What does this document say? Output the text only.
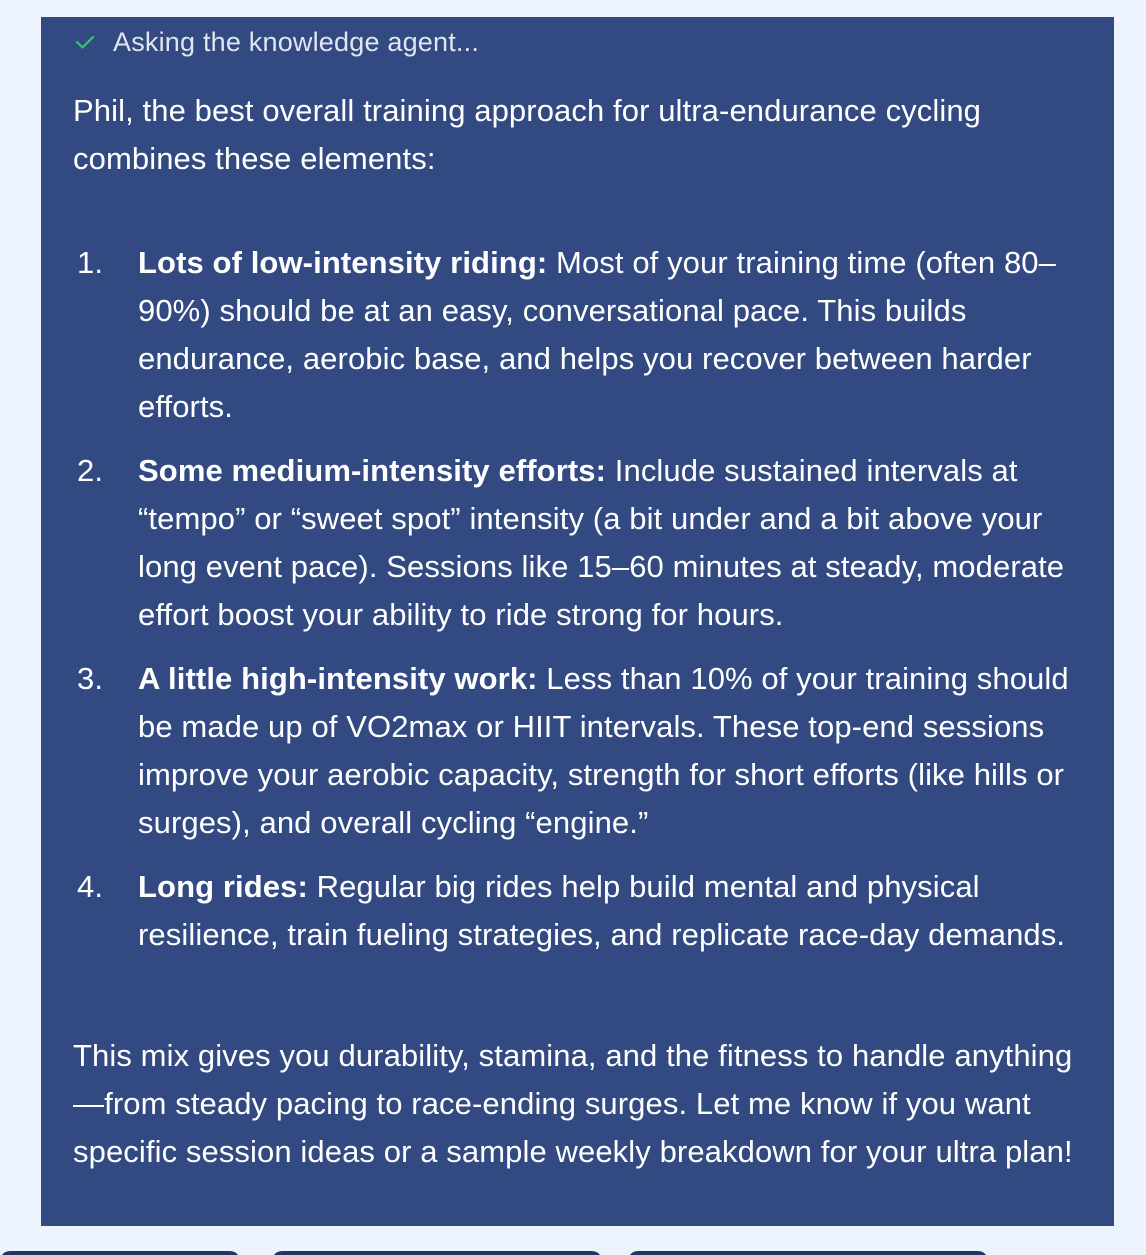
Asking the knowledge agent...
Phil, the best overall training approach for ultra-endurance cycling combines these elements:
1. Lots of low-intensity riding: Most of your training time (often 80–90%) should be at an easy, conversational pace. This builds endurance, aerobic base, and helps you recover between harder efforts.
2. Some medium-intensity efforts: Include sustained intervals at “tempo” or “sweet spot” intensity (a bit under and a bit above your long event pace). Sessions like 15–60 minutes at steady, moderate effort boost your ability to ride strong for hours.
3. A little high-intensity work: Less than 10% of your training should be made up of VO2max or HIIT intervals. These top-end sessions improve your aerobic capacity, strength for short efforts (like hills or surges), and overall cycling “engine.”
4. Long rides: Regular big rides help build mental and physical resilience, train fueling strategies, and replicate race-day demands.
This mix gives you durability, stamina, and the fitness to handle anything—from steady pacing to race-ending surges. Let me know if you want specific session ideas or a sample weekly breakdown for your ultra plan!
